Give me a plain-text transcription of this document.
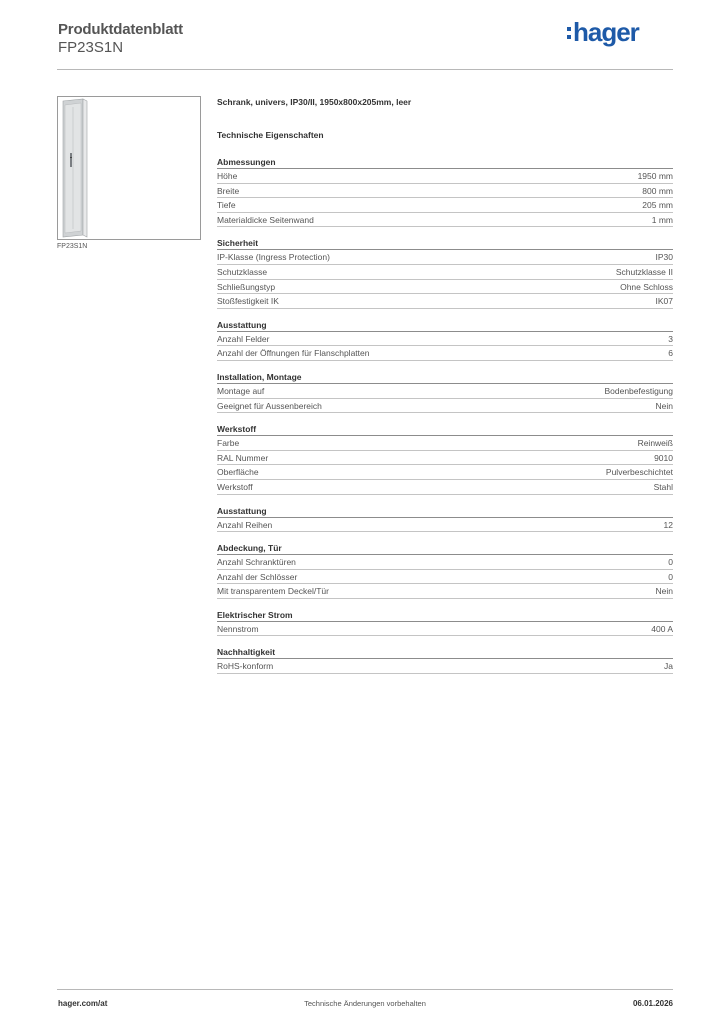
Produktdatenblatt
FP23S1N
hager
FP23S1N
Schrank, univers, IP30/II, 1950x800x205mm, leer
Technische Eigenschaften
Abmessungen
Höhe	1950 mm
Breite	800 mm
Tiefe	205 mm
Materialdicke Seitenwand	1 mm
Sicherheit
IP-Klasse (Ingress Protection)	IP30
Schutzklasse	Schutzklasse II
Schließungstyp	Ohne Schloss
Stoßfestigkeit IK	IK07
Ausstattung
Anzahl Felder	3
Anzahl der Öffnungen für Flanschplatten	6
Installation, Montage
Montage auf	Bodenbefestigung
Geeignet für Aussenbereich	Nein
Werkstoff
Farbe	Reinweiß
RAL Nummer	9010
Oberfläche	Pulverbeschichtet
Werkstoff	Stahl
Ausstattung
Anzahl Reihen	12
Abdeckung, Tür
Anzahl Schranktüren	0
Anzahl der Schlösser	0
Mit transparentem Deckel/Tür	Nein
Elektrischer Strom
Nennstrom	400 A
Nachhaltigkeit
RoHS-konform	Ja
hager.com/at	Technische Änderungen vorbehalten	06.01.2026
